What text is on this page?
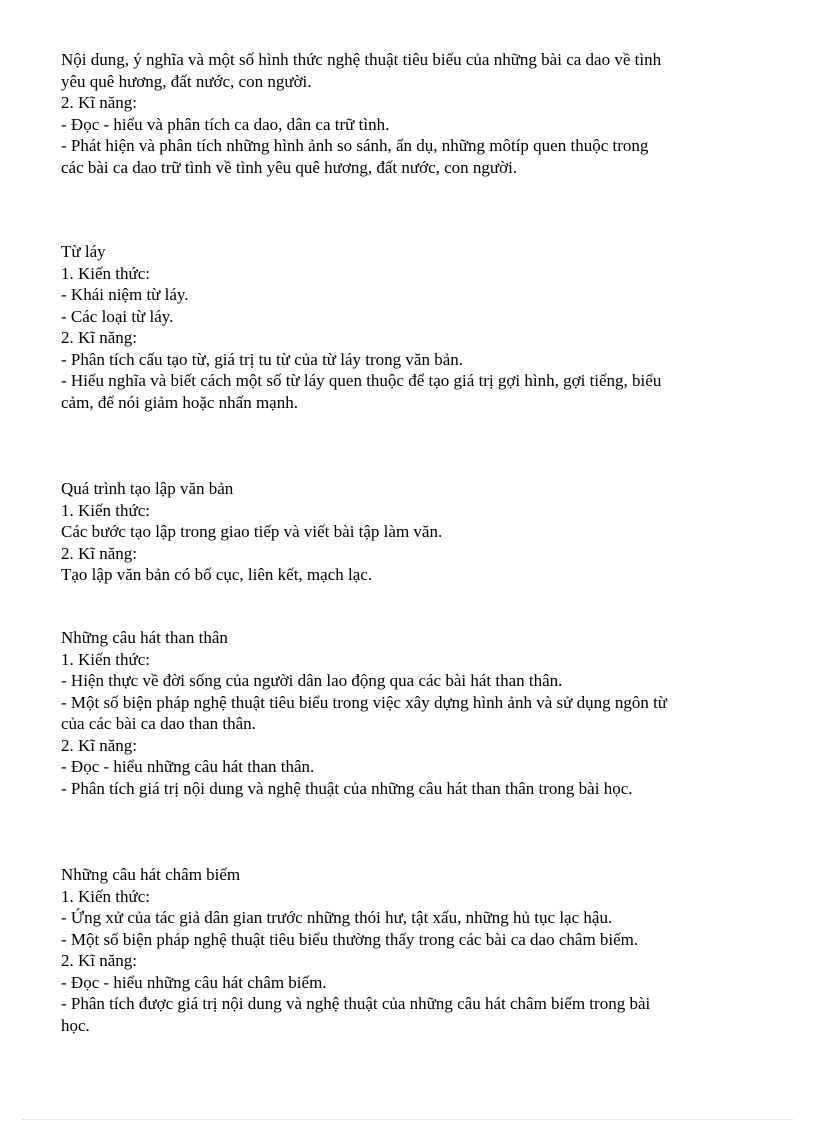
Nội dung, ý nghĩa và một số hình thức nghệ thuật tiêu biểu của những bài ca dao về tình
yêu quê hương, đất nước, con người.
2. Kĩ năng:
- Đọc - hiểu và phân tích ca dao, dân ca trữ tình.
- Phát hiện và phân tích những hình ảnh so sánh, ẩn dụ, những môtíp quen thuộc trong
các bài ca dao trữ tình về tình yêu quê hương, đất nước, con người.
Từ láy
1. Kiến thức:
- Khái niệm từ láy.
- Các loại từ láy.
2. Kĩ năng:
- Phân tích cấu tạo từ, giá trị tu từ của từ láy trong văn bản.
- Hiểu nghĩa và biết cách một số từ láy quen thuộc để tạo giá trị gợi hình, gợi tiếng, biểu
cảm, để nói giảm hoặc nhấn mạnh.
Quá trình tạo lập văn bản
1. Kiến thức:
Các bước tạo lập trong giao tiếp và viết bài tập làm văn.
2. Kĩ năng:
Tạo lập văn bản có bố cục, liên kết, mạch lạc.
Những câu hát than thân
1. Kiến thức:
- Hiện thực về đời sống của người dân lao động qua các bài hát than thân.
- Một số biện pháp nghệ thuật tiêu biểu trong việc xây dựng hình ảnh và sử dụng ngôn từ
của các bài ca dao than thân.
2. Kĩ năng:
- Đọc - hiểu những câu hát than thân.
- Phân tích giá trị nội dung và nghệ thuật của những câu hát than thân trong bài học.
Những câu hát châm biếm
1. Kiến thức:
- Ứng xử của tác giả dân gian trước những thói hư, tật xấu, những hủ tục lạc hậu.
- Một số biện pháp nghệ thuật tiêu biểu thường thấy trong các bài ca dao châm biếm.
2. Kĩ năng:
- Đọc - hiểu những câu hát châm biếm.
- Phân tích được giá trị nội dung và nghệ thuật của những câu hát châm biếm trong bài
học.
